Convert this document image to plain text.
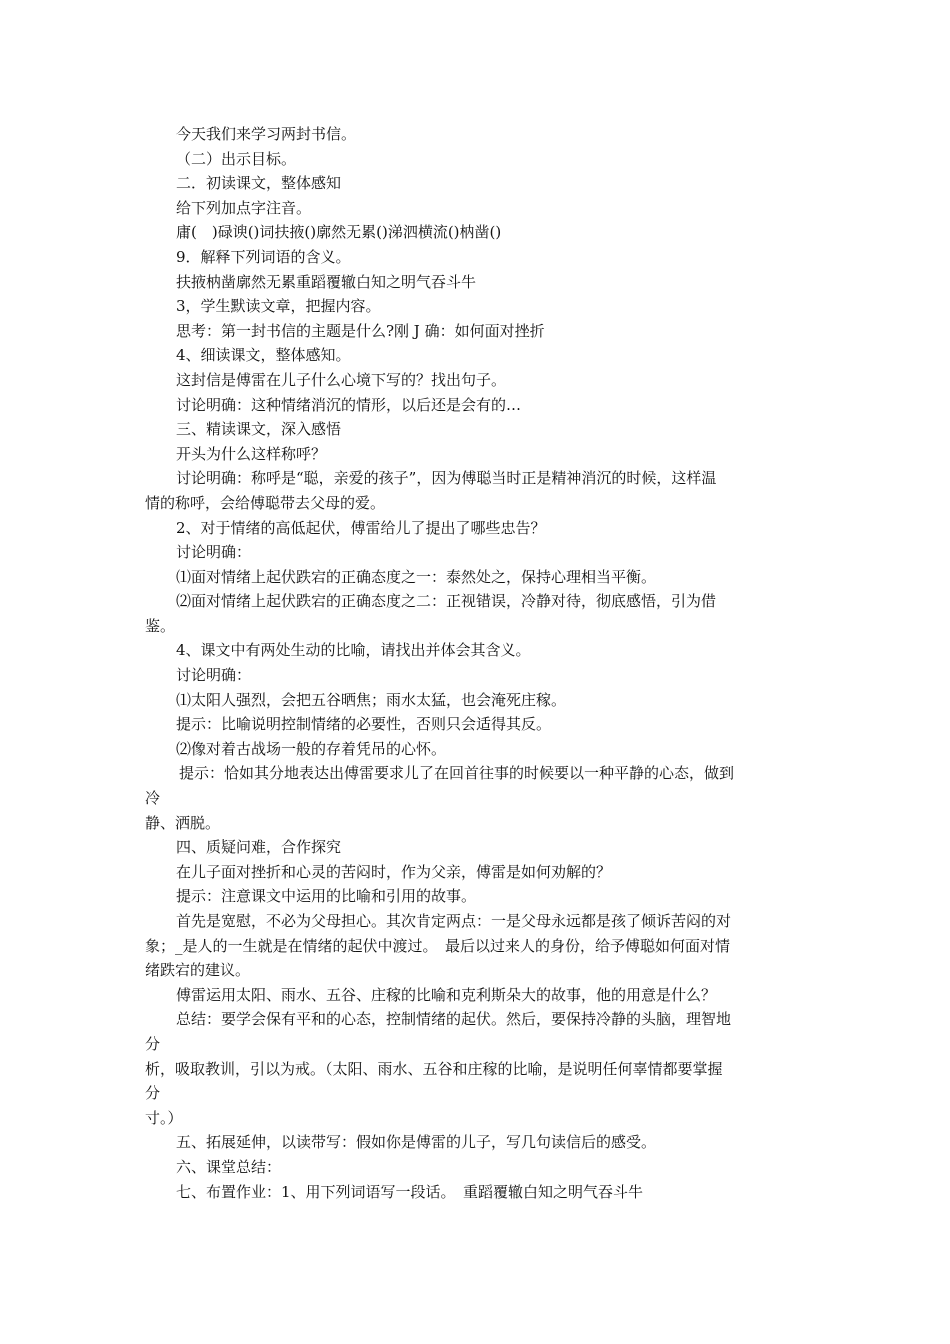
今天我们来学习两封书信。

（二）出示目标。

二．初读课文，整体感知

给下列加点字注音。

庸(　)碌谀()词扶掖()廓然无累()涕泗横流()枘凿()

9．解释下列词语的含义。

扶掖枘凿廓然无累重蹈覆辙白知之明气吞斗牛

3，学生默读文章，把握内容。

思考：第一封书信的主题是什么?刚 J 确：如何面对挫折

4、细读课文，整体感知。

这封信是傅雷在儿子什么心境下写的？找出句子。

讨论明确：这种情绪消沉的情形，以后还是会有的…

三、精读课文，深入感悟

开头为什么这样称呼？

讨论明确：称呼是“聪，亲爱的孩子”，因为傅聪当时正是精神消沉的时候，这样温

情的称呼，会给傅聪带去父母的爱。

2、对于情绪的高低起伏，傅雷给儿了提出了哪些忠告？

讨论明确：

⑴面对情绪上起伏跌宕的正确态度之一：泰然处之，保持心理相当平衡。

⑵面对情绪上起伏跌宕的正确态度之二：正视错误，冷静对待，彻底感悟，引为借

鉴。

4、课文中有两处生动的比喻，请找出并体会其含义。

讨论明确：

⑴太阳人强烈，会把五谷晒焦；雨水太猛，也会淹死庄稼。

提示：比喻说明控制情绪的必要性，否则只会适得其反。

⑵像对着古战场一般的存着凭吊的心怀。

提示：恰如其分地表达出傅雷要求儿了在回首往事的时候要以一种平静的心态，做到

冷

静、洒脱。

四、质疑问难，合作探究

在儿子面对挫折和心灵的苦闷时，作为父亲，傅雷是如何劝解的？

提示：注意课文中运用的比喻和引用的故事。

首先是宽慰，不必为父母担心。其次肯定两点：一是父母永远都是孩了倾诉苦闷的对

象；_是人的一生就是在情绪的起伏中渡过。　最后以过来人的身份，给予傅聪如何面对情

绪跌宕的建议。

傅雷运用太阳、雨水、五谷、庄稼的比喻和克利斯朵大的故事，他的用意是什么？

总结：要学会保有平和的心态，控制情绪的起伏。然后，要保持冷静的头脑，理智地

分

析，吸取教训，引以为戒。（太阳、雨水、五谷和庄稼的比喻，是说明任何辜情都要掌握

分

寸。）

五、拓展延伸，以读带写：假如你是傅雷的儿子，写几句读信后的感受。

六、课堂总结：

七、布置作业：1、用下列词语写一段话。　重蹈覆辙白知之明气吞斗牛
